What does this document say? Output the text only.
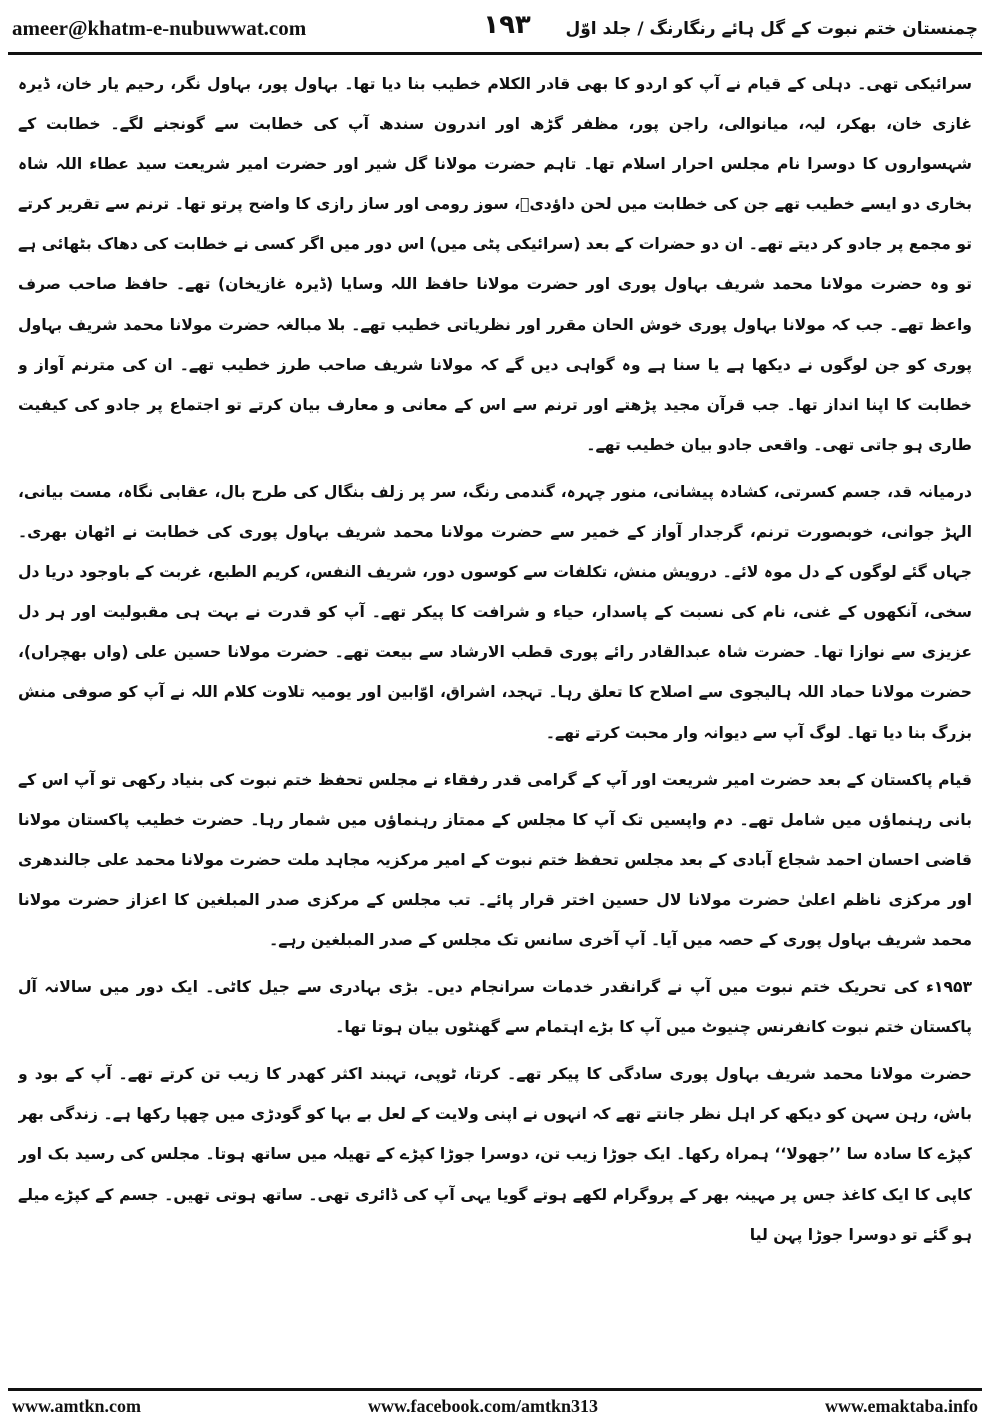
ameer@khatm-e-nubuwwat.com	۱۹۳ چمنستان ختم نبوت کے گل ہائے رنگارنگ / جلد اوّل

سرائیکی تھی۔ دہلی کے قیام نے آپ کو اردو کا بھی قادر الکلام خطیب بنا دیا تھا۔ بہاول پور، بہاول نگر، رحیم یار خان، ڈیرہ غازی خان، بھکر، لیہ، میانوالی، راجن پور، مظفر گڑھ اور اندرون سندھ آپ کی خطابت سے گونجنے لگے۔ خطابت کے شہسواروں کا دوسرا نام مجلس احرار اسلام تھا۔ تاہم حضرت مولانا گل شیر اور حضرت امیر شریعت سید عطاء اللہ شاہ بخاری دو ایسے خطیب تھے جن کی خطابت میں لحن داؤدیؑ، سوز رومی اور ساز رازی کا واضح پرتو تھا۔ ترنم سے تقریر کرتے تو مجمع پر جادو کر دیتے تھے۔ ان دو حضرات کے بعد (سرائیکی پٹی میں) اس دور میں اگر کسی نے خطابت کی دھاک بٹھائی ہے تو وہ حضرت مولانا محمد شریف بہاول پوری اور حضرت مولانا حافظ اللہ وسایا (ڈیرہ غازیخان) تھے۔ حافظ صاحب صرف واعظ تھے۔ جب کہ مولانا بہاول پوری خوش الحان مقرر اور نظریاتی خطیب تھے۔ بلا مبالغہ حضرت مولانا محمد شریف بہاول پوری کو جن لوگوں نے دیکھا ہے یا سنا ہے وہ گواہی دیں گے کہ مولانا شریف صاحب طرز خطیب تھے۔ ان کی مترنم آواز و خطابت کا اپنا انداز تھا۔ جب قرآن مجید پڑھتے اور ترنم سے اس کے معانی و معارف بیان کرتے تو اجتماع پر جادو کی کیفیت طاری ہو جاتی تھی۔ واقعی جادو بیان خطیب تھے۔

درمیانہ قد، جسم کسرتی، کشادہ پیشانی، منور چہرہ، گندمی رنگ، سر پر زلف بنگال کی طرح بال، عقابی نگاہ، مست بیانی، الہڑ جوانی، خوبصورت ترنم، گرجدار آواز کے خمیر سے حضرت مولانا محمد شریف بہاول پوری کی خطابت نے اٹھان بھری۔ جہاں گئے لوگوں کے دل موہ لائے۔ درویش منش، تکلفات سے کوسوں دور، شریف النفس، کریم الطبع، غربت کے باوجود دریا دل سخی، آنکھوں کے غنی، نام کی نسبت کے پاسدار، حیاء و شرافت کا پیکر تھے۔ آپ کو قدرت نے بہت ہی مقبولیت اور ہر دل عزیزی سے نوازا تھا۔ حضرت شاہ عبدالقادر رائے پوری قطب الارشاد سے بیعت تھے۔ حضرت مولانا حسین علی (واں بھچراں)، حضرت مولانا حماد اللہ ہالیجوی سے اصلاح کا تعلق رہا۔ تہجد، اشراق، اوّابین اور یومیہ تلاوت کلام اللہ نے آپ کو صوفی منش بزرگ بنا دیا تھا۔ لوگ آپ سے دیوانہ وار محبت کرتے تھے۔

قیام پاکستان کے بعد حضرت امیر شریعت اور آپ کے گرامی قدر رفقاء نے مجلس تحفظ ختم نبوت کی بنیاد رکھی تو آپ اس کے بانی رہنماؤں میں شامل تھے۔ دم واپسیں تک آپ کا مجلس کے ممتاز رہنماؤں میں شمار رہا۔ حضرت خطیب پاکستان مولانا قاضی احسان احمد شجاع آبادی کے بعد مجلس تحفظ ختم نبوت کے امیر مرکزیہ مجاہد ملت حضرت مولانا محمد علی جالندھری اور مرکزی ناظم اعلیٰ حضرت مولانا لال حسین اختر قرار پائے۔ تب مجلس کے مرکزی صدر المبلغین کا اعزاز حضرت مولانا محمد شریف بہاول پوری کے حصہ میں آیا۔ آپ آخری سانس تک مجلس کے صدر المبلغین رہے۔

۱۹۵۳ء کی تحریک ختم نبوت میں آپ نے گرانقدر خدمات سرانجام دیں۔ بڑی بہادری سے جیل کاٹی۔ ایک دور میں سالانہ آل پاکستان ختم نبوت کانفرنس چنیوٹ میں آپ کا بڑے اہتمام سے گھنٹوں بیان ہوتا تھا۔

حضرت مولانا محمد شریف بہاول پوری سادگی کا پیکر تھے۔ کرتا، ٹوپی، تہبند اکثر کھدر کا زیب تن کرتے تھے۔ آپ کے بود و باش، رہن سہن کو دیکھ کر اہل نظر جانتے تھے کہ انہوں نے اپنی ولایت کے لعل بے بہا کو گودڑی میں چھپا رکھا ہے۔ زندگی بھر کپڑے کا سادہ سا ’’جھولا‘‘ ہمراہ رکھا۔ ایک جوڑا زیب تن، دوسرا جوڑا کپڑے کے تھیلہ میں ساتھ ہوتا۔ مجلس کی رسید بک اور کاپی کا ایک کاغذ جس پر مہینہ بھر کے پروگرام لکھے ہوتے گویا یہی آپ کی ڈائری تھی۔ ساتھ ہوتی تھیں۔ جسم کے کپڑے میلے ہو گئے تو دوسرا جوڑا پہن لیا

www.amtkn.com	www.facebook.com/amtkn313	www.emaktaba.info
